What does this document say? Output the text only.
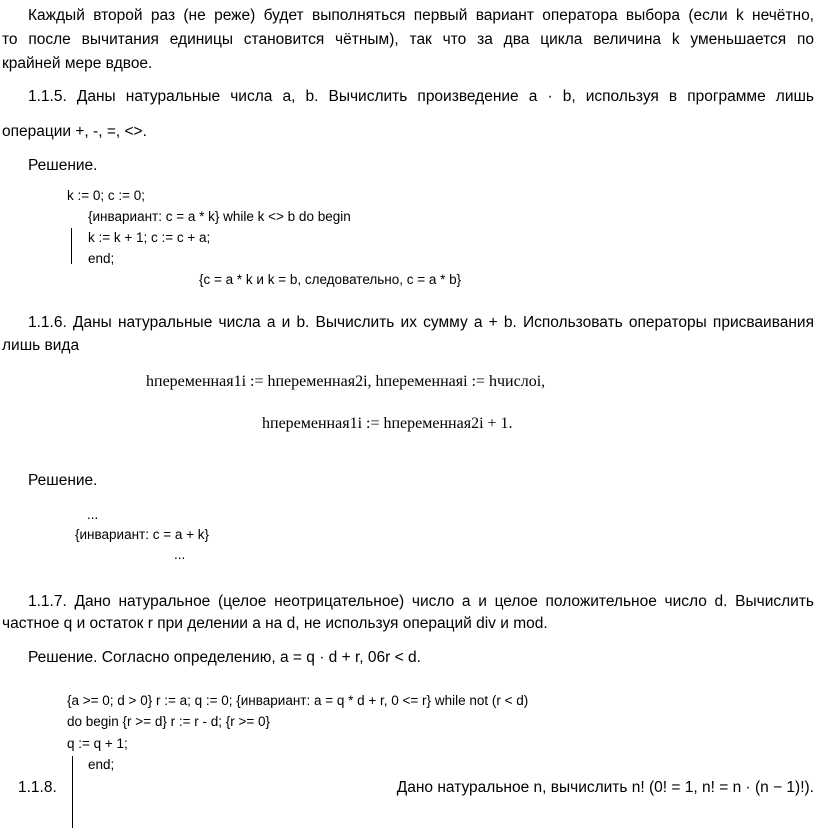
Каждый второй раз (не реже) будет выполняться первый вариант оператора выбора (если k нечётно,
то после вычитания единицы становится чётным), так что за два цикла величина k уменьшается по
крайней мере вдвое.
1.1.5. Даны натуральные числа a, b. Вычислить произведение a · b, используя в программе лишь
операции +, -, =, <>.
Решение.
k := 0; c := 0;
{инвариант: c = a * k} while k <> b do begin
k := k + 1; c := c + a;
end;
{c = a * k и k = b, следовательно, c = a * b}
1.1.6. Даны натуральные числа a и b. Вычислить их сумму a + b. Использовать операторы присваивания
лишь вида
hпеременная1i := hпеременная2i, hпеременнаяi := hчислоi,
hпеременная1i := hпеременная2i + 1.
Решение.
...
{инвариант: c = a + k}
...
1.1.7. Дано натуральное (целое неотрицательное) число a и целое положительное число d. Вычислить
частное q и остаток r при делении a на d, не используя операций div и mod.
Решение. Согласно определению, a = q · d + r, 06r < d.
{a >= 0; d > 0} r := a; q := 0; {инвариант: a = q * d + r, 0 <= r} while not (r < d)
do begin {r >= d} r := r - d; {r >= 0}
q := q + 1;
end;
1.1.8.	Дано натуральное n, вычислить n! (0! = 1, n! = n · (n − 1)!).
